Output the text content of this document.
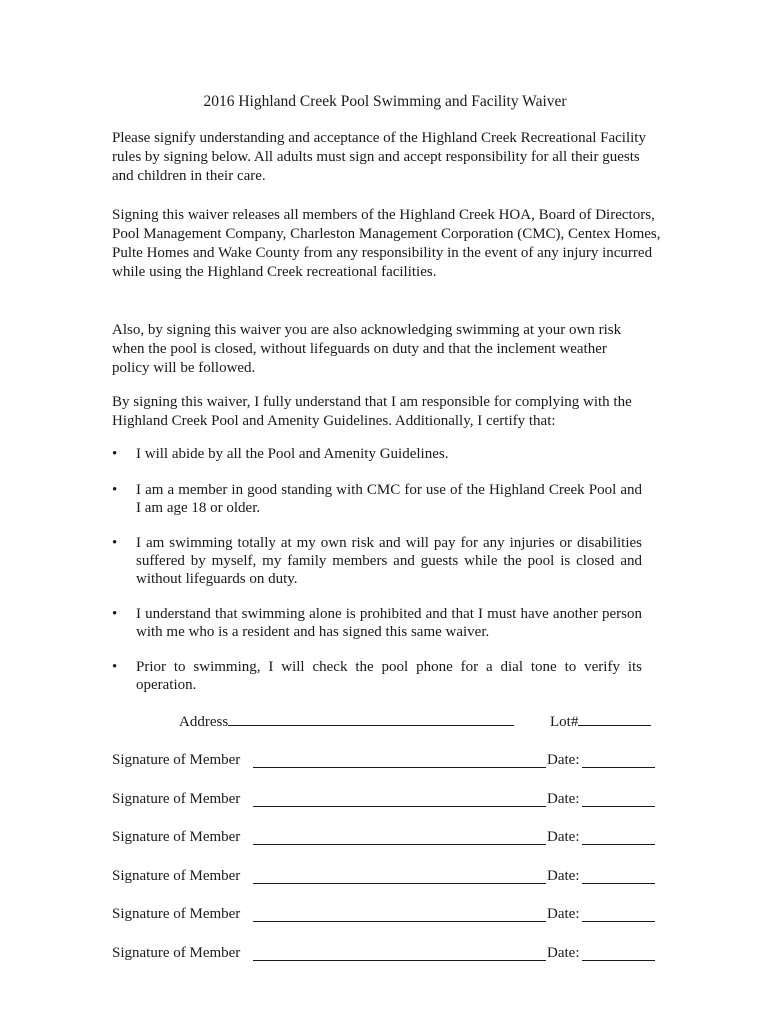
2016 Highland Creek Pool Swimming and Facility Waiver

Please signify understanding and acceptance of the Highland Creek Recreational Facility rules by signing below. All adults must sign and accept responsibility for all their guests and children in their care.

Signing this waiver releases all members of the Highland Creek HOA, Board of Directors, Pool Management Company, Charleston Management Corporation (CMC), Centex Homes, Pulte Homes and Wake County from any responsibility in the event of any injury incurred while using the Highland Creek recreational facilities.

Also, by signing this waiver you are also acknowledging swimming at your own risk when the pool is closed, without lifeguards on duty and that the inclement weather policy will be followed.

By signing this waiver, I fully understand that I am responsible for complying with the Highland Creek Pool and Amenity Guidelines. Additionally, I certify that:

• I will abide by all the Pool and Amenity Guidelines.
• I am a member in good standing with CMC for use of the Highland Creek Pool and I am age 18 or older.
• I am swimming totally at my own risk and will pay for any injuries or disabilities suffered by myself, my family members and guests while the pool is closed and without lifeguards on duty.
• I understand that swimming alone is prohibited and that I must have another person with me who is a resident and has signed this same waiver.
• Prior to swimming, I will check the pool phone for a dial tone to verify its operation.
Address	Lot#
Signature of Member	Date:
Signature of Member	Date:
Signature of Member	Date:
Signature of Member	Date:
Signature of Member	Date:
Signature of Member	Date:
